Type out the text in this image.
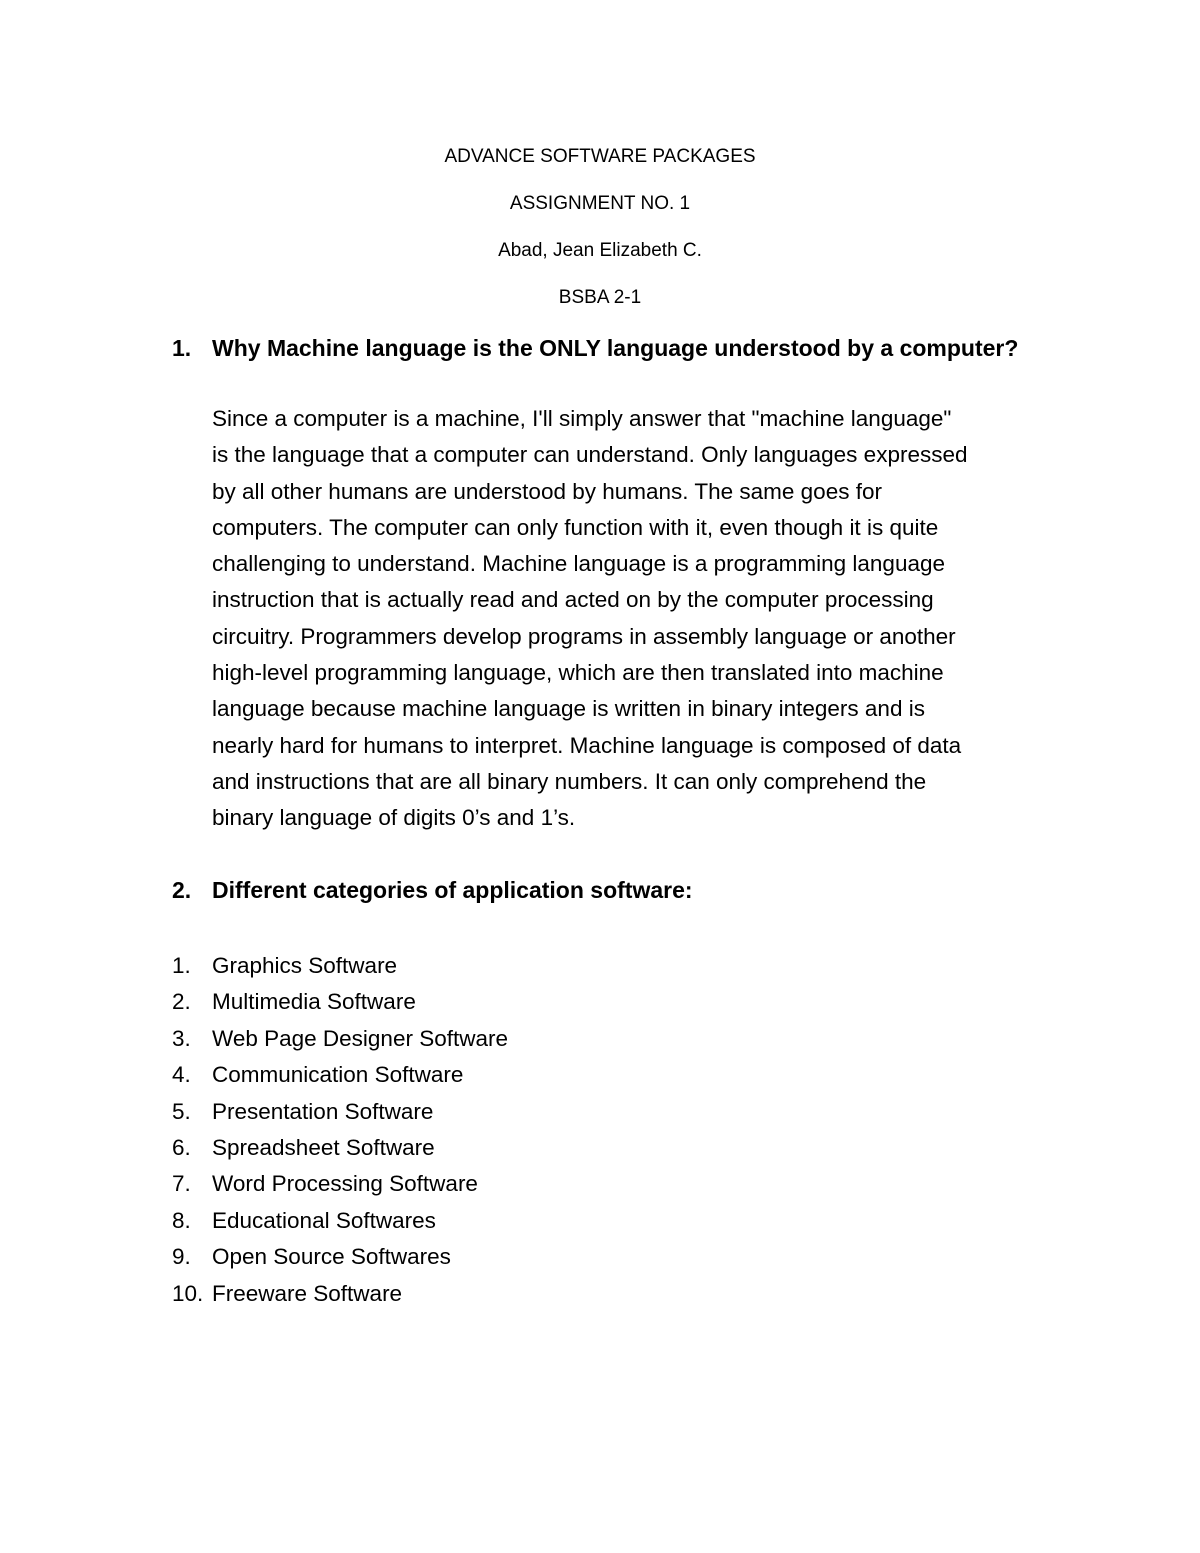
ADVANCE SOFTWARE PACKAGES
ASSIGNMENT NO. 1
Abad, Jean Elizabeth C.
BSBA 2-1
1. Why Machine language is the ONLY language understood by a computer?
Since a computer is a machine, I'll simply answer that "machine language"
is the language that a computer can understand. Only languages expressed
by all other humans are understood by humans. The same goes for
computers. The computer can only function with it, even though it is quite
challenging to understand. Machine language is a programming language
instruction that is actually read and acted on by the computer processing
circuitry. Programmers develop programs in assembly language or another
high-level programming language, which are then translated into machine
language because machine language is written in binary integers and is
nearly hard for humans to interpret. Machine language is composed of data
and instructions that are all binary numbers. It can only comprehend the
binary language of digits 0’s and 1’s.
2. Different categories of application software:
1. Graphics Software
2. Multimedia Software
3. Web Page Designer Software
4. Communication Software
5. Presentation Software
6. Spreadsheet Software
7. Word Processing Software
8. Educational Softwares
9. Open Source Softwares
10. Freeware Software
